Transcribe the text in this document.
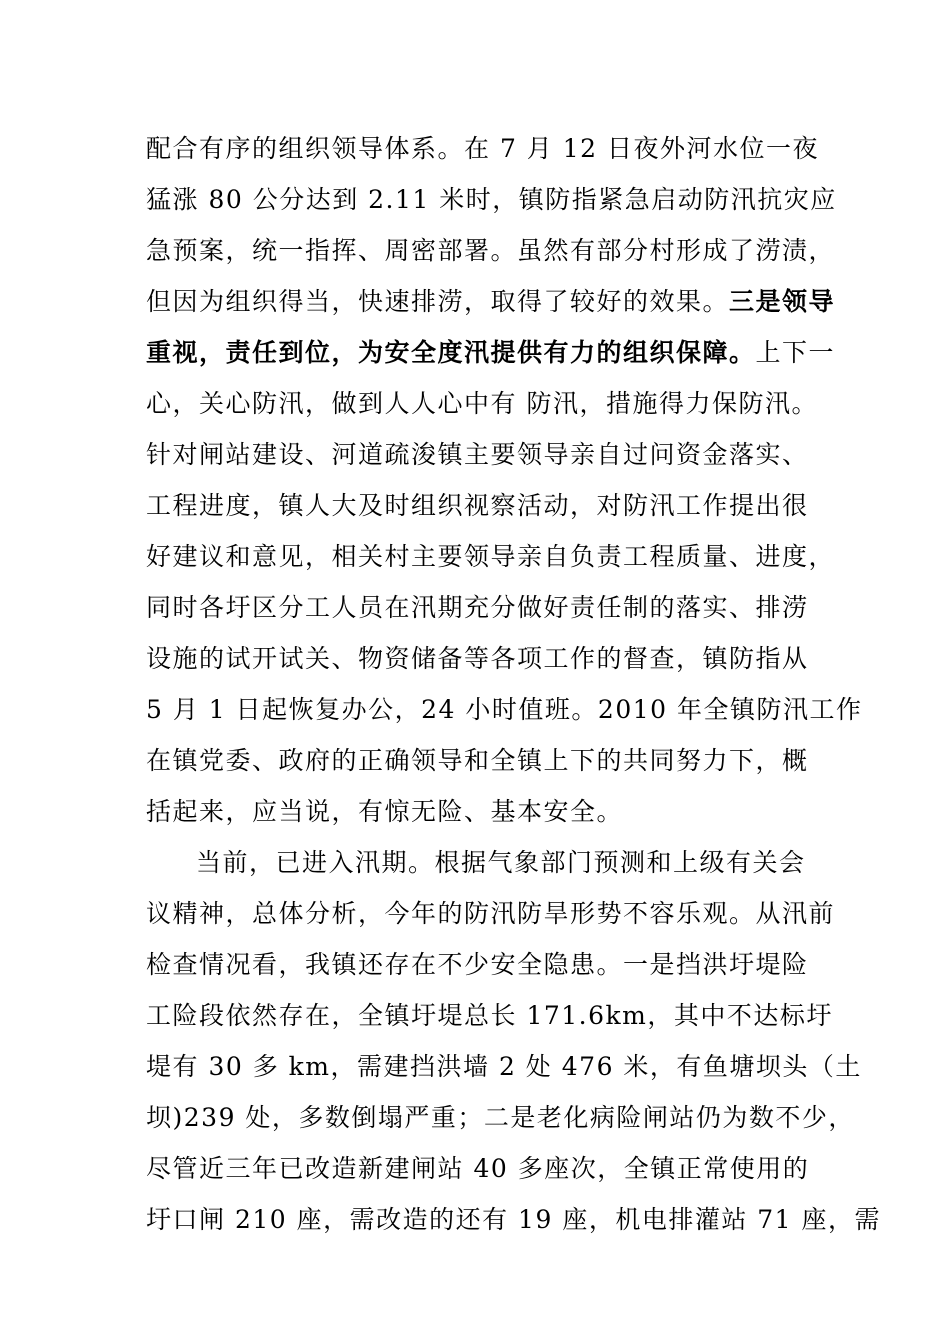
配合有序的组织领导体系。在 7 月 12 日夜外河水位一夜
猛涨 80 公分达到 2.11 米时，镇防指紧急启动防汛抗灾应
急预案，统一指挥、周密部署。虽然有部分村形成了涝渍，
但因为组织得当，快速排涝，取得了较好的效果。三是领导
重视，责任到位，为安全度汛提供有力的组织保障。上下一
心，关心防汛，做到人人心中有 防汛，措施得力保防汛。
针对闸站建设、河道疏浚镇主要领导亲自过问资金落实、
工程进度，镇人大及时组织视察活动，对防汛工作提出很
好建议和意见，相关村主要领导亲自负责工程质量、进度，
同时各圩区分工人员在汛期充分做好责任制的落实、排涝
设施的试开试关、物资储备等各项工作的督查，镇防指从
5 月 1 日起恢复办公，24 小时值班。2010 年全镇防汛工作
在镇党委、政府的正确领导和全镇上下的共同努力下，概
括起来，应当说，有惊无险、基本安全。
当前，已进入汛期。根据气象部门预测和上级有关会
议精神，总体分析，今年的防汛防旱形势不容乐观。从汛前
检查情况看，我镇还存在不少安全隐患。一是挡洪圩堤险
工险段依然存在，全镇圩堤总长 171.6km，其中不达标圩
堤有 30 多 km，需建挡洪墙 2 处 476 米，有鱼塘坝头（土
坝)239 处，多数倒塌严重；二是老化病险闸站仍为数不少，
尽管近三年已改造新建闸站 40 多座次，全镇正常使用的
圩口闸 210 座，需改造的还有 19 座，机电排灌站 71 座，需
